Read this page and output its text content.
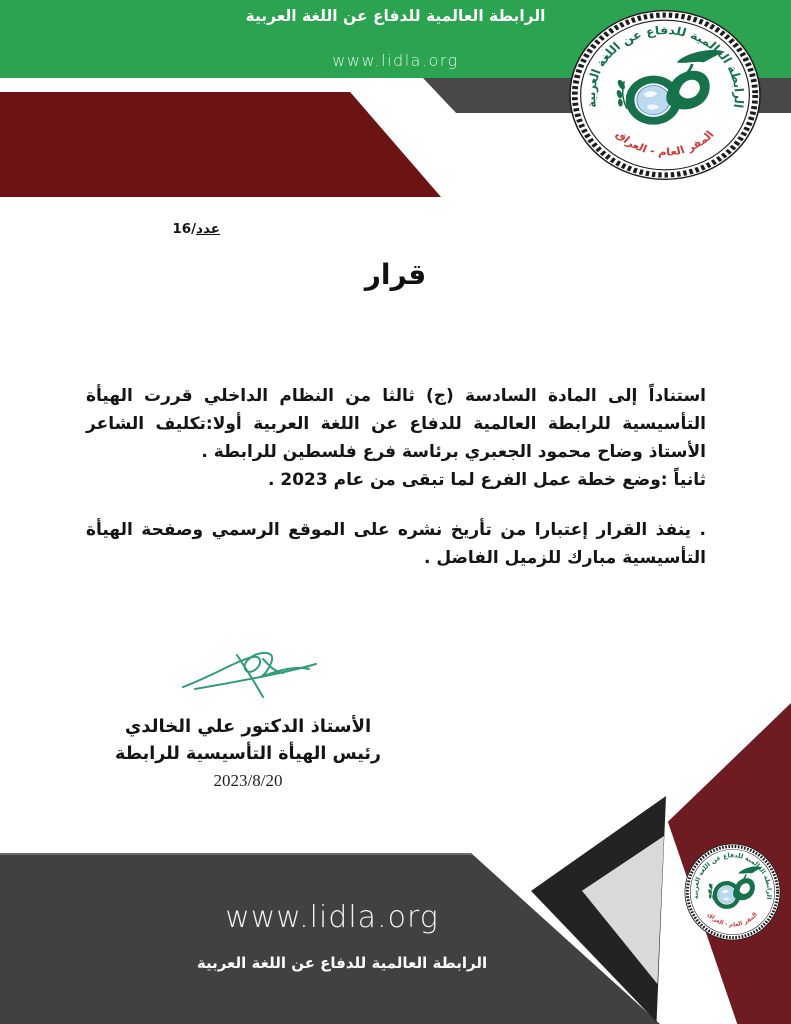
الرابطة العالمية للدفاع عن اللغة العربية
www.lidla.org
عدد/16
قرار

استناداً إلى المادة السادسة (ج) ثالثا من النظام الداخلي قررت الهيأة التأسيسية للرابطة العالمية للدفاع عن اللغة العربية أولا:تكليف الشاعر الأستاذ وضاح محمود الجعبري برئاسة فرع فلسطين للرابطة .

ثانياً :وضع خطة عمل الفرع لما تبقى من عام 2023 .

. ينفذ القرار إعتبارا من تأريخ نشره على الموقع الرسمي وصفحة الهيأة التأسيسية مبارك للزميل الفاضل .

الأستاذ الدكتور علي الخالدي
رئيس الهيأة التأسيسية للرابطة
2023/8/20
www.lidla.org
الرابطة العالمية للدفاع عن اللغة العربية
